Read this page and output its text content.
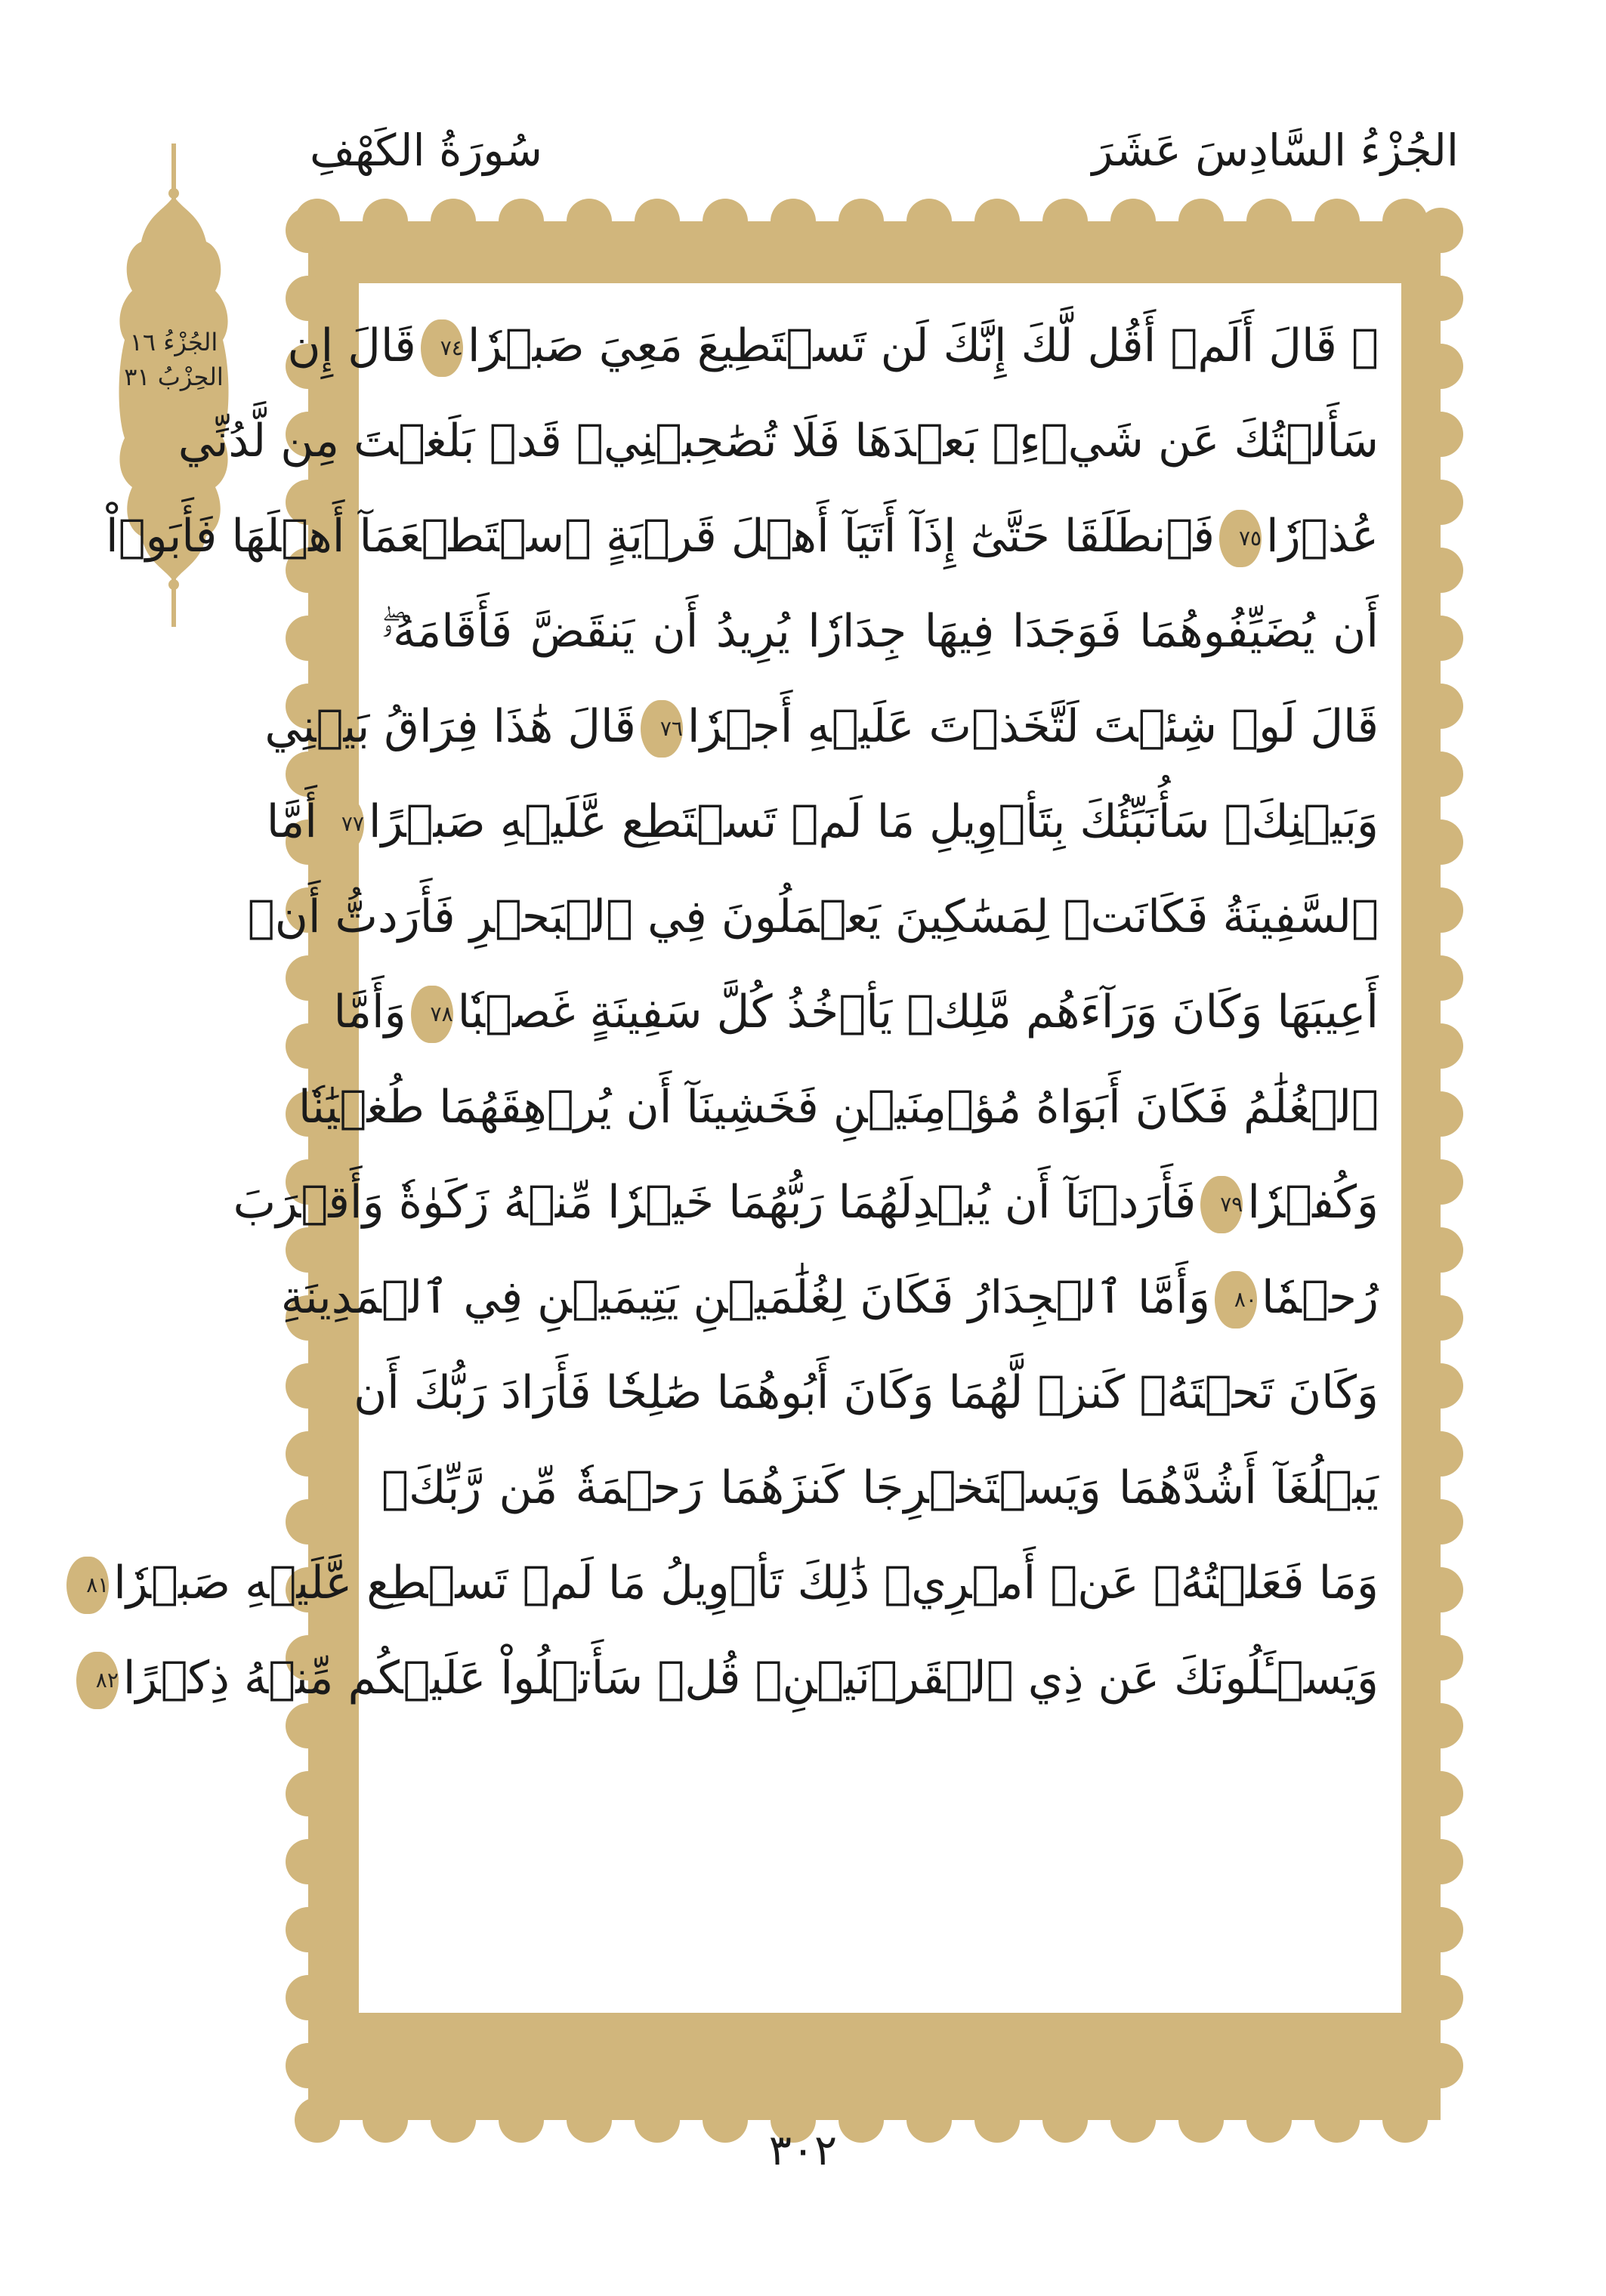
الجُزْءُ السَّادِسَ عَشَرَ
سُورَةُ الكَهْفِ
الجُزْءُ ١٦
الحِزْبُ ٣١
۞ قَالَ أَلَمۡ أَقُل لَّكَ إِنَّكَ لَن تَسۡتَطِيعَ مَعِيَ صَبۡرٗا٧٤قَالَ إِن
سَأَلۡتُكَ عَن شَيۡءِۭ بَعۡدَهَا فَلَا تُصَٰحِبۡنِيۖ قَدۡ بَلَغۡتَ مِن لَّدُنِّي
عُذۡرٗا٧٥فَٱنطَلَقَا حَتَّىٰٓ إِذَآ أَتَيَآ أَهۡلَ قَرۡيَةٍ ٱسۡتَطۡعَمَآ أَهۡلَهَا فَأَبَوۡاْ
أَن يُضَيِّفُوهُمَا فَوَجَدَا فِيهَا جِدَارٗا يُرِيدُ أَن يَنقَضَّ فَأَقَامَهُۥۖ
قَالَ لَوۡ شِئۡتَ لَتَّخَذۡتَ عَلَيۡهِ أَجۡرٗا٧٦قَالَ هَٰذَا فِرَاقُ بَيۡنِي
وَبَيۡنِكَۚ سَأُنَبِّئُكَ بِتَأۡوِيلِ مَا لَمۡ تَسۡتَطِع عَّلَيۡهِ صَبۡرًا٧٧أَمَّا
ٱلسَّفِينَةُ فَكَانَتۡ لِمَسَٰكِينَ يَعۡمَلُونَ فِي ٱلۡبَحۡرِ فَأَرَدتُّ أَنۡ
أَعِيبَهَا وَكَانَ وَرَآءَهُم مَّلِكٞ يَأۡخُذُ كُلَّ سَفِينَةٍ غَصۡبٗا٧٨وَأَمَّا
ٱلۡغُلَٰمُ فَكَانَ أَبَوَاهُ مُؤۡمِنَيۡنِ فَخَشِينَآ أَن يُرۡهِقَهُمَا طُغۡيَٰنٗا
وَكُفۡرٗا٧٩فَأَرَدۡنَآ أَن يُبۡدِلَهُمَا رَبُّهُمَا خَيۡرٗا مِّنۡهُ زَكَوٰةٗ وَأَقۡرَبَ
رُحۡمٗا٨٠وَأَمَّا ٱلۡجِدَارُ فَكَانَ لِغُلَٰمَيۡنِ يَتِيمَيۡنِ فِي ٱلۡمَدِينَةِ
وَكَانَ تَحۡتَهُۥ كَنزٞ لَّهُمَا وَكَانَ أَبُوهُمَا صَٰلِحٗا فَأَرَادَ رَبُّكَ أَن
يَبۡلُغَآ أَشُدَّهُمَا وَيَسۡتَخۡرِجَا كَنزَهُمَا رَحۡمَةٗ مِّن رَّبِّكَۚ
وَمَا فَعَلۡتُهُۥ عَنۡ أَمۡرِيۚ ذَٰلِكَ تَأۡوِيلُ مَا لَمۡ تَسۡطِع عَّلَيۡهِ صَبۡرٗا٨١
وَيَسۡـَٔلُونَكَ عَن ذِي ٱلۡقَرۡنَيۡنِۖ قُلۡ سَأَتۡلُواْ عَلَيۡكُم مِّنۡهُ ذِكۡرًا٨٢
٣٠٢
